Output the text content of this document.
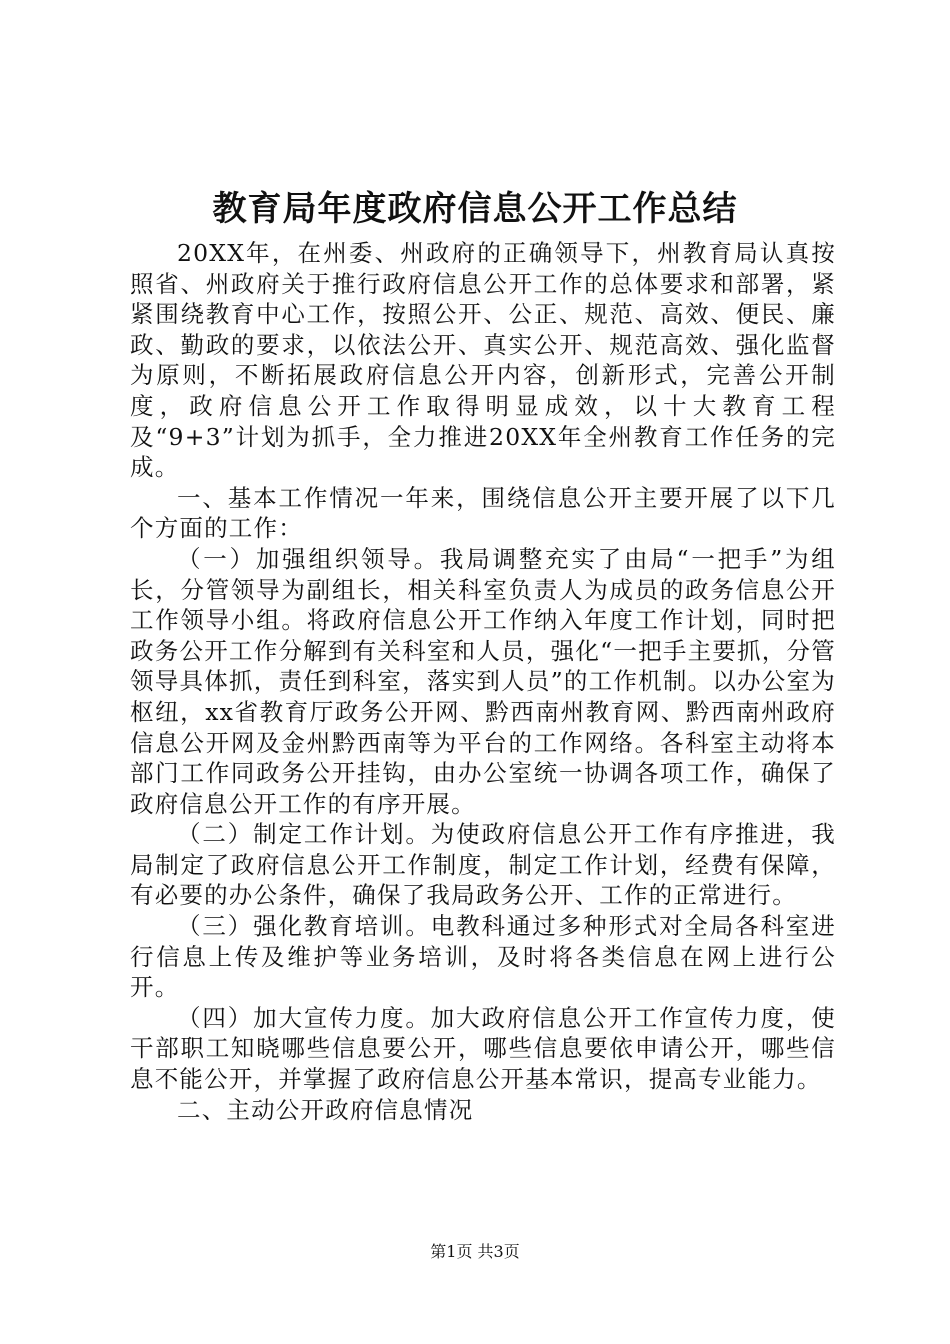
教育局年度政府信息公开工作总结

20XX年，在州委、州政府的正确领导下，州教育局认真按照省、州政府关于推行政府信息公开工作的总体要求和部署，紧紧围绕教育中心工作，按照公开、公正、规范、高效、便民、廉政、勤政的要求，以依法公开、真实公开、规范高效、强化监督为原则，不断拓展政府信息公开内容，创新形式，完善公开制度，政府信息公开工作取得明显成效，以十大教育工程及“9+3”计划为抓手，全力推进20XX年全州教育工作任务的完成。

一、基本工作情况一年来，围绕信息公开主要开展了以下几个方面的工作：

（一）加强组织领导。我局调整充实了由局“一把手”为组长，分管领导为副组长，相关科室负责人为成员的政务信息公开工作领导小组。将政府信息公开工作纳入年度工作计划，同时把政务公开工作分解到有关科室和人员，强化“一把手主要抓，分管领导具体抓，责任到科室，落实到人员”的工作机制。以办公室为枢纽，xx省教育厅政务公开网、黔西南州教育网、黔西南州政府信息公开网及金州黔西南等为平台的工作网络。各科室主动将本部门工作同政务公开挂钩，由办公室统一协调各项工作，确保了政府信息公开工作的有序开展。

（二）制定工作计划。为使政府信息公开工作有序推进，我局制定了政府信息公开工作制度，制定工作计划，经费有保障，有必要的办公条件，确保了我局政务公开、工作的正常进行。

（三）强化教育培训。电教科通过多种形式对全局各科室进行信息上传及维护等业务培训，及时将各类信息在网上进行公开。

（四）加大宣传力度。加大政府信息公开工作宣传力度，使干部职工知晓哪些信息要公开，哪些信息要依申请公开，哪些信息不能公开，并掌握了政府信息公开基本常识，提高专业能力。

二、主动公开政府信息情况

第1页 共3页
